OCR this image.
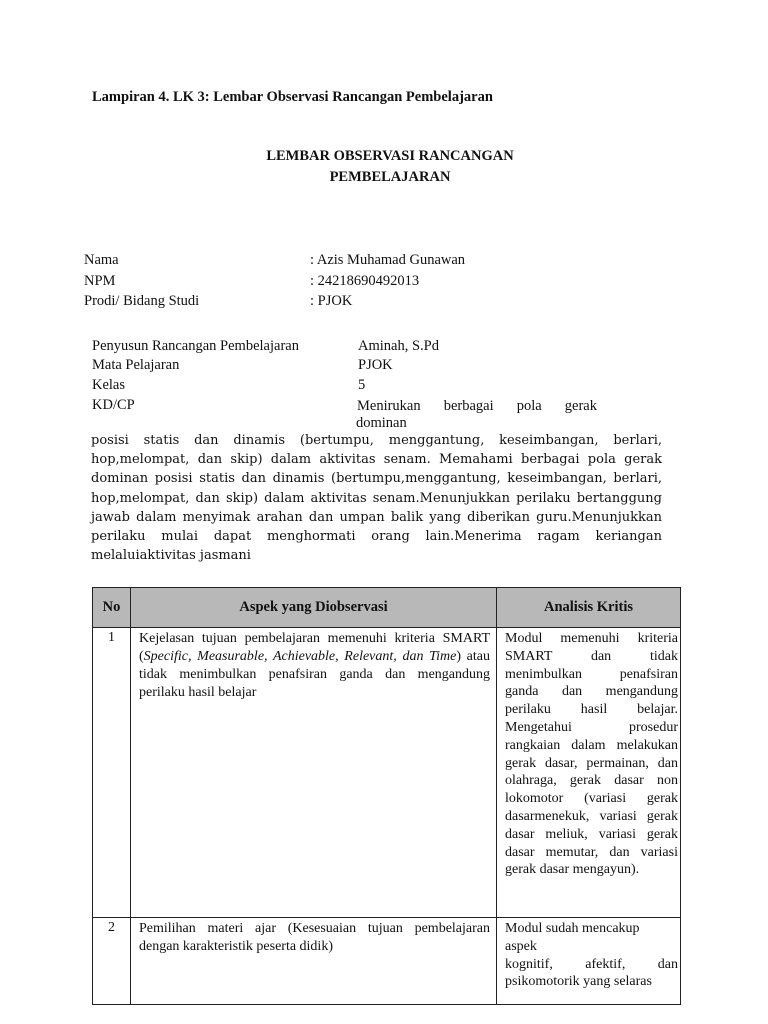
Lampiran 4. LK 3: Lembar Observasi Rancangan Pembelajaran
LEMBAR OBSERVASI RANCANGAN
PEMBELAJARAN
Nama	: Azis Muhamad Gunawan
NPM	: 24218690492013
Prodi/ Bidang Studi	: PJOK
Penyusun Rancangan Pembelajaran	Aminah, S.Pd
Mata Pelajaran	PJOK
Kelas	5
KD/CP	Menirukan berbagai pola gerak
dominan
posisi statis dan dinamis (bertumpu, menggantung, keseimbangan, berlari, hop,melompat, dan skip) dalam aktivitas senam. Memahami berbagai pola gerak dominan posisi statis dan dinamis (bertumpu,menggantung, keseimbangan, berlari, hop,melompat, dan skip) dalam aktivitas senam.Menunjukkan perilaku bertanggung jawab dalam menyimak arahan dan umpan balik yang diberikan guru.Menunjukkan perilaku mulai dapat menghormati orang lain.Menerima ragam keriangan melaluiaktivitas jasmani
No	Aspek yang Diobservasi	Analisis Kritis
1	Kejelasan tujuan pembelajaran memenuhi kriteria SMART (Specific, Measurable, Achievable, Relevant, dan Time) atau tidak menimbulkan penafsiran ganda dan mengandung perilaku hasil belajar	Modul memenuhi kriteria SMART dan tidak menimbulkan penafsiran ganda dan mengandung perilaku hasil belajar. Mengetahui prosedur rangkaian dalam melakukan gerak dasar, permainan, dan olahraga, gerak dasar non lokomotor (variasi gerak dasarmenekuk, variasi gerak dasar meliuk, variasi gerak dasar memutar, dan variasi gerak dasar mengayun).
2	Pemilihan materi ajar (Kesesuaian tujuan pembelajaran dengan karakteristik peserta didik)	Modul sudah mencakup
aspek
kognitif, afektif, dan
psikomotorik yang selaras
